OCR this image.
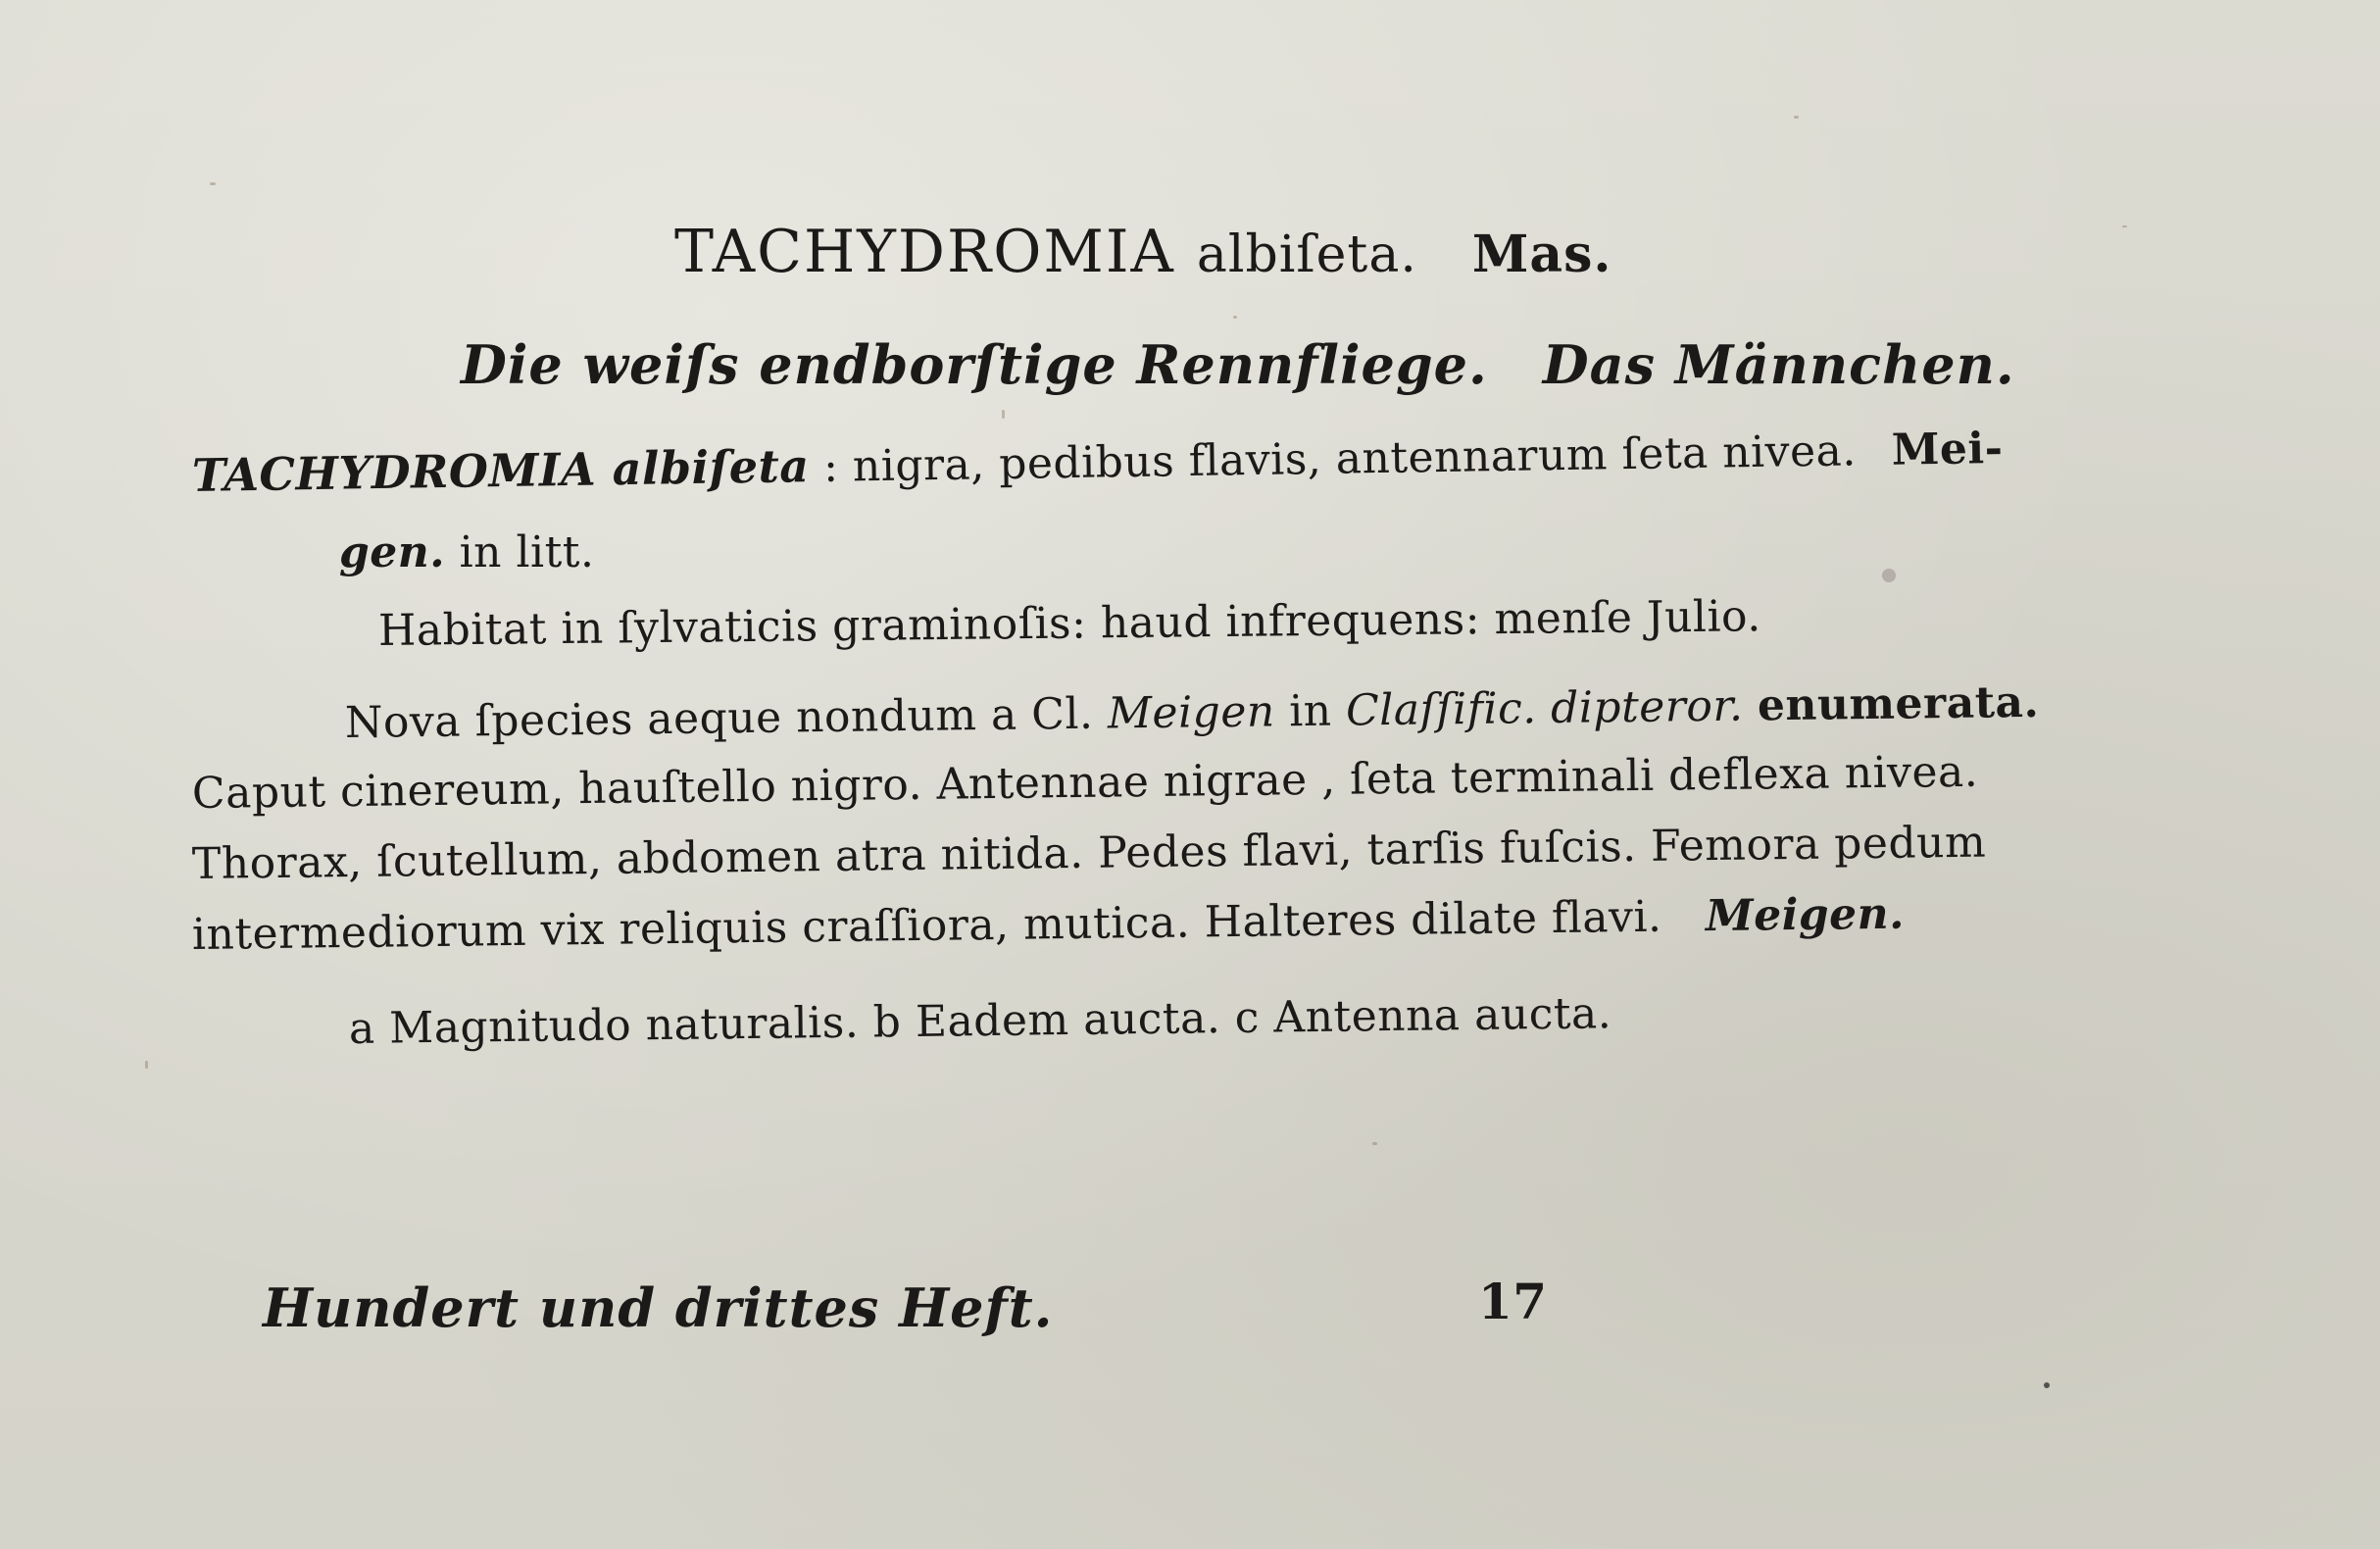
TACHYDROMIA albiſeta. Mas.
Die weiſs endborſtige Rennfliege. Das Männchen.
TACHYDROMIA albiſeta : nigra, pedibus flavis, antennarum ſeta nivea. Mei-
gen. in litt.
Habitat in ſylvaticis graminoſis: haud infrequens: menſe Julio.
Nova ſpecies aeque nondum a Cl. Meigen in Claſſific. dipteror. enumerata.
Caput cinereum, hauſtello nigro. Antennae nigrae , ſeta terminali deflexa nivea.
Thorax, ſcutellum, abdomen atra nitida. Pedes flavi, tarſis fuſcis. Femora pedum
intermediorum vix reliquis craſſiora, mutica. Halteres dilate flavi. Meigen.
a Magnitudo naturalis. b Eadem aucta. c Antenna aucta.
Hundert und drittes Heft.	17
